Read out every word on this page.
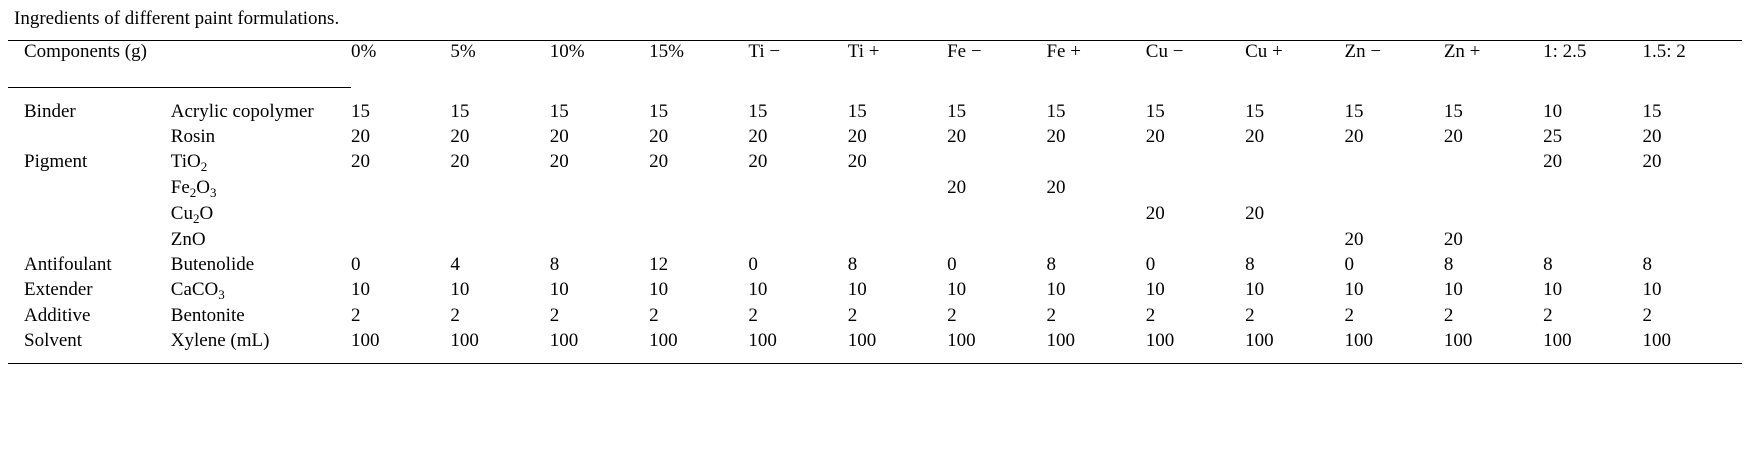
Ingredients of different paint formulations.
Components (g)		0%	5%	10%	15%	Ti −	Ti +	Fe −	Fe +	Cu −	Cu +	Zn −	Zn +	1: 2.5	1.5: 2
Binder	Acrylic copolymer	15	15	15	15	15	15	15	15	15	15	15	15	10	15
	Rosin	20	20	20	20	20	20	20	20	20	20	20	20	25	20
Pigment	TiO$_2$	20	20	20	20	20	20							20	20
	$Fe_2O_3$							20	20						
	$Cu_2O$									20	20				
	ZnO											20	20		
Antifoulant	Butenolide	0	4	8	12	0	8	0	8	0	8	0	8	8	8
Extender	CaCO$_3$	10	10	10	10	10	10	10	10	10	10	10	10	10	10
Additive	Bentonite	2	2	2	2	2	2	2	2	2	2	2	2	2	2
Solvent	Xylene (mL)	100	100	100	100	100	100	100	100	100	100	100	100	100	100
